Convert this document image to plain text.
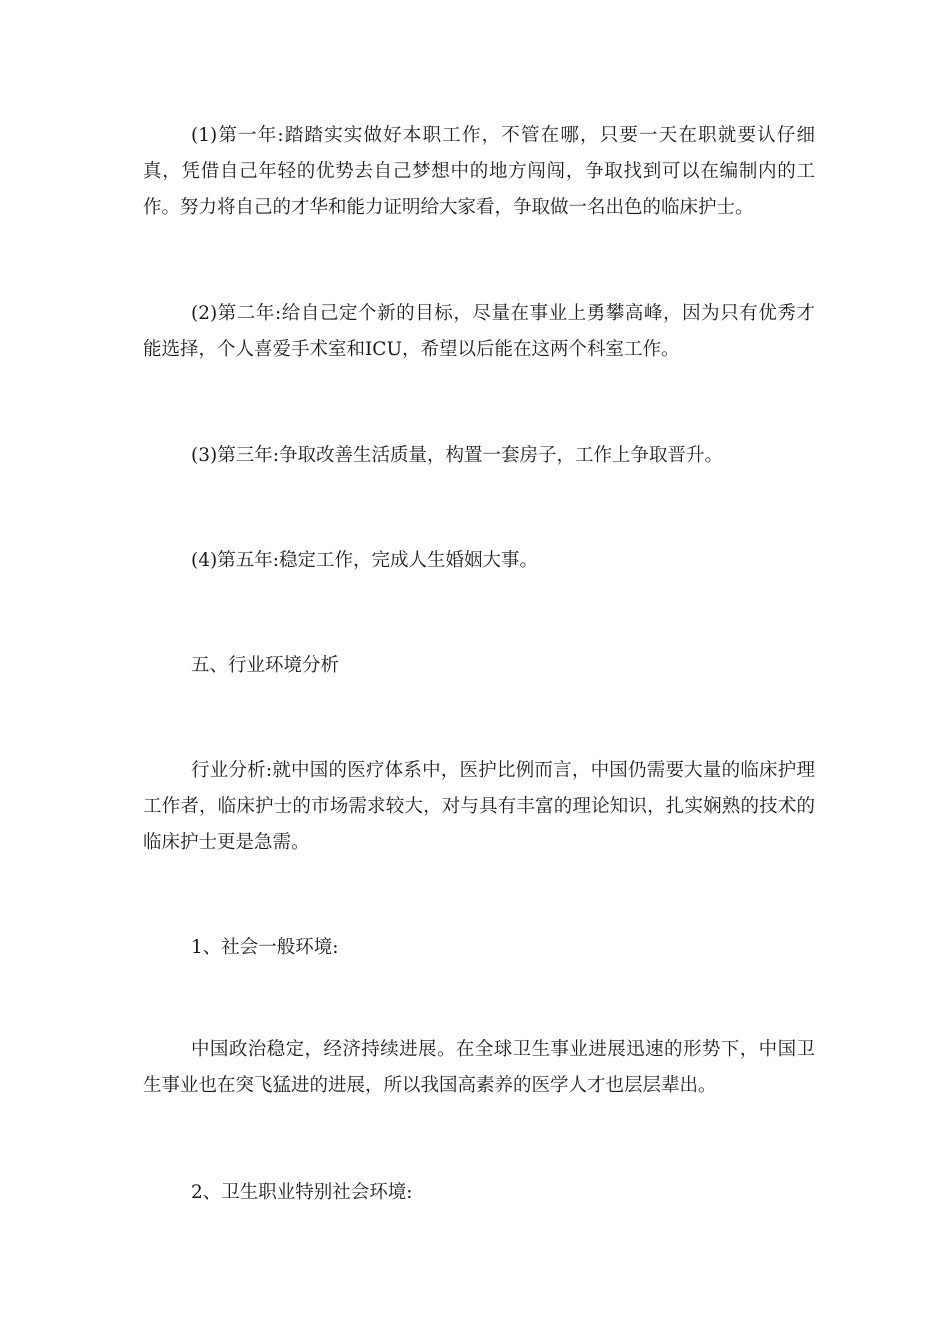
(1)第一年:踏踏实实做好本职工作，不管在哪，只要一天在职就要认仔细真，凭借自己年轻的优势去自己梦想中的地方闯闯，争取找到可以在编制内的工作。努力将自己的才华和能力证明给大家看，争取做一名出色的临床护士。

(2)第二年:给自己定个新的目标，尽量在事业上勇攀高峰，因为只有优秀才能选择，个人喜爱手术室和ICU，希望以后能在这两个科室工作。

(3)第三年:争取改善生活质量，构置一套房子，工作上争取晋升。

(4)第五年:稳定工作，完成人生婚姻大事。

五、行业环境分析

行业分析:就中国的医疗体系中，医护比例而言，中国仍需要大量的临床护理工作者，临床护士的市场需求较大，对与具有丰富的理论知识，扎实娴熟的技术的临床护士更是急需。

1、社会一般环境:

中国政治稳定，经济持续进展。在全球卫生事业进展迅速的形势下，中国卫生事业也在突飞猛进的进展，所以我国高素养的医学人才也层层辈出。

2、卫生职业特别社会环境:
